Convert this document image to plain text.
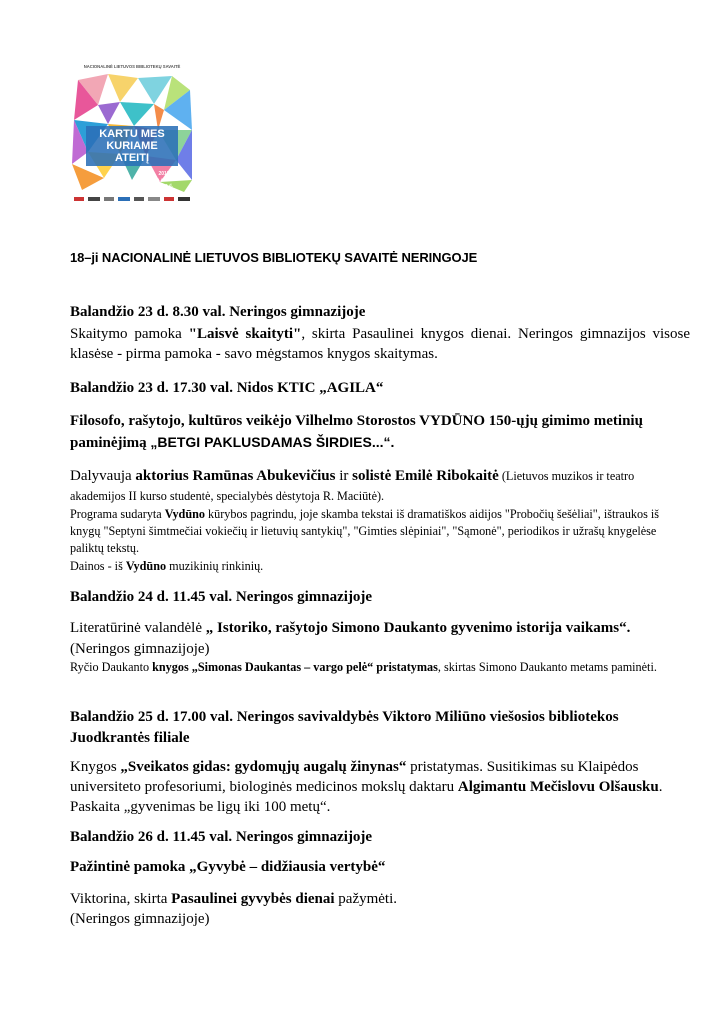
NACIONALINĖ LIETUVOS BIBLIOTEKŲ SAVAITĖ
KARTU MES
KURIAME
ATEITĮ
2018
BALANDŽIO
23–29 d.
18–ji NACIONALINĖ LIETUVOS BIBLIOTEKŲ SAVAITĖ NERINGOJE
Balandžio 23 d. 8.30 val. Neringos gimnazijoje
Skaitymo pamoka "Laisvė skaityti", skirta Pasaulinei knygos dienai. Neringos gimnazijos visose klasėse - pirma pamoka - savo mėgstamos knygos skaitymas.
Balandžio 23 d. 17.30 val. Nidos KTIC „AGILA“
Filosofo, rašytojo, kultūros veikėjo Vilhelmo Storostos VYDŪNO 150-ųjų gimimo metinių paminėjimą „BETGI PAKLUSDAMAS ŠIRDIES...“.
Dalyvauja aktorius Ramūnas Abukevičius ir solistė Emilė Ribokaitė (Lietuvos muzikos ir teatro akademijos II kurso studentė, specialybės dėstytoja R. Maciūtė).
Programa sudaryta Vydūno kūrybos pagrindu, joje skamba tekstai iš dramatiškos aidijos "Probočių šešėliai", ištraukos iš knygų "Septyni šimtmečiai vokiečių ir lietuvių santykių", "Gimties slėpiniai", "Sąmonė", periodikos ir užrašų knygelėse paliktų tekstų.
Dainos - iš Vydūno muzikinių rinkinių.
Balandžio 24 d. 11.45 val. Neringos gimnazijoje
Literatūrinė valandėlė „ Istoriko, rašytojo Simono Daukanto gyvenimo istorija vaikams“. (Neringos gimnazijoje)
Ryčio Daukanto knygos „Simonas Daukantas – vargo pelė“ pristatymas, skirtas Simono Daukanto metams paminėti.
Balandžio 25 d. 17.00 val. Neringos savivaldybės Viktoro Miliūno viešosios bibliotekos Juodkrantės filiale
Knygos „Sveikatos gidas: gydomųjų augalų žinynas“ pristatymas. Susitikimas su Klaipėdos universiteto profesoriumi, biologinės medicinos mokslų daktaru Algimantu Mečislovu Olšausku. Paskaita „gyvenimas be ligų iki 100 metų“.
Balandžio 26 d. 11.45 val. Neringos gimnazijoje
Pažintinė pamoka „Gyvybė – didžiausia vertybė“
Viktorina, skirta Pasaulinei gyvybės dienai pažymėti.
(Neringos gimnazijoje)
